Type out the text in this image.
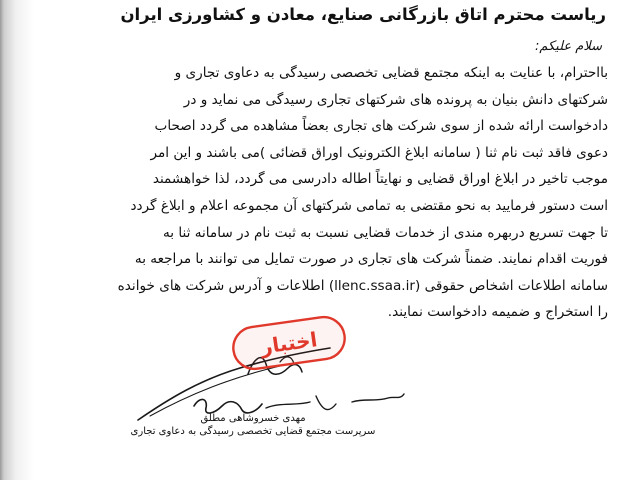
ریاست محترم اتاق بازرگانی صنایع، معادن و کشاورزی ایران
سلام علیکم:
بااحترام، با عنایت به اینکه مجتمع قضایی تخصصی رسیدگی به دعاوی تجاری و
شرکتهای دانش بنیان به پرونده های شرکتهای تجاری رسیدگی می نماید و در
دادخواست ارائه شده از سوی شرکت های تجاری بعضاً مشاهده می گردد اصحاب
دعوی فاقد ثبت نام ثنا ( سامانه ابلاغ الکترونیک اوراق قضائی )می باشند و این امر
موجب تاخیر در ابلاغ اوراق قضایی و نهایتاً اطاله دادرسی می گردد، لذا خواهشمند
است دستور فرمایید به نحو مقتضی به تمامی شرکتهای آن مجموعه اعلام و ابلاغ گردد
تا جهت تسریع دربهره مندی از خدمات قضایی نسبت به ثبت نام در سامانه ثنا به
فوریت اقدام نمایند. ضمناً شرکت های تجاری در صورت تمایل می توانند با مراجعه به
سامانه اطلاعات اشخاص حقوقی (llenc.ssaa.ir) اطلاعات و آدرس شرکت های خوانده
را استخراج و ضمیمه دادخواست نمایند.
اختبار
مهدی خسروشاهی مطلق
سرپرست مجتمع قضایی تخصصی رسیدگی به دعاوی تجاری
